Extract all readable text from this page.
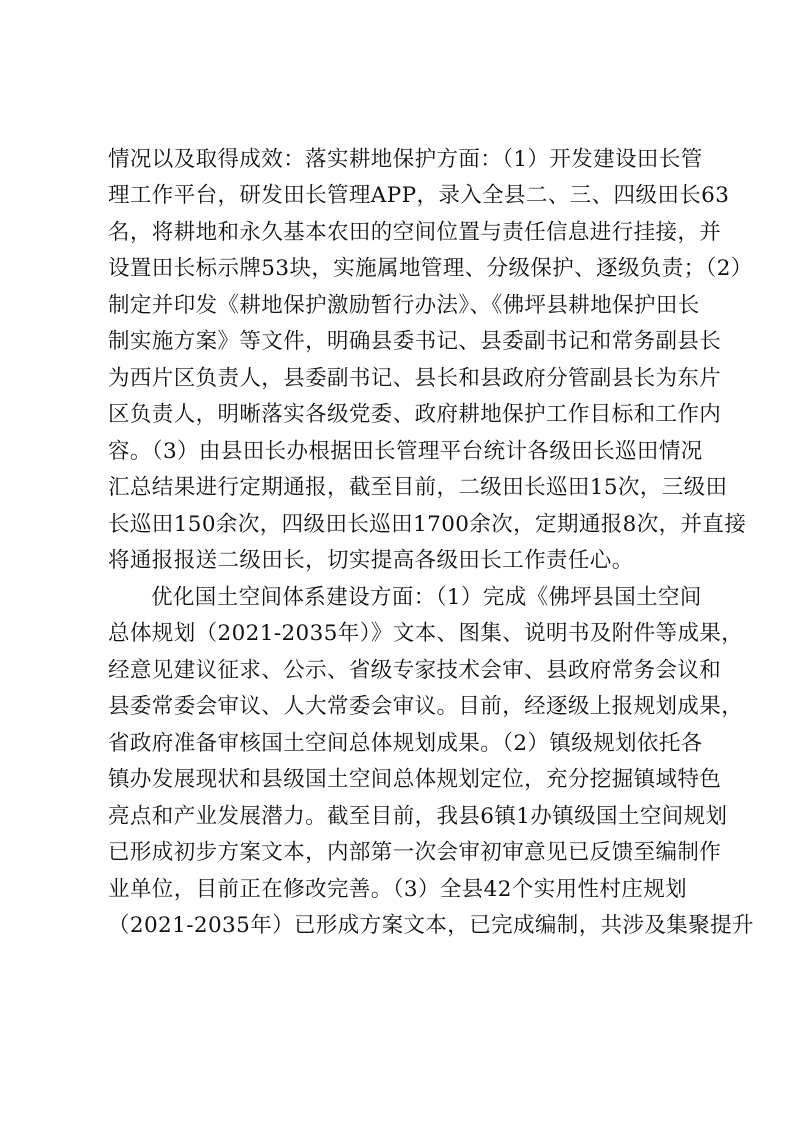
情况以及取得成效：落实耕地保护方面：（1）开发建设田长管
理工作平台，研发田长管理APP，录入全县二、三、四级田长63
名，将耕地和永久基本农田的空间位置与责任信息进行挂接，并
设置田长标示牌53块，实施属地管理、分级保护、逐级负责；（2）
制定并印发《耕地保护激励暂行办法》、《佛坪县耕地保护田长
制实施方案》等文件，明确县委书记、县委副书记和常务副县长
为西片区负责人，县委副书记、县长和县政府分管副县长为东片
区负责人，明晰落实各级党委、政府耕地保护工作目标和工作内
容。（3）由县田长办根据田长管理平台统计各级田长巡田情况
汇总结果进行定期通报，截至目前，二级田长巡田15次，三级田
长巡田150余次，四级田长巡田1700余次，定期通报8次，并直接
将通报报送二级田长，切实提高各级田长工作责任心。
优化国土空间体系建设方面：（1）完成《佛坪县国土空间
总体规划（2021-2035年）》文本、图集、说明书及附件等成果，
经意见建议征求、公示、省级专家技术会审、县政府常务会议和
县委常委会审议、人大常委会审议。目前，经逐级上报规划成果，
省政府准备审核国土空间总体规划成果。（2）镇级规划依托各
镇办发展现状和县级国土空间总体规划定位，充分挖掘镇域特色
亮点和产业发展潜力。截至目前，我县6镇1办镇级国土空间规划
已形成初步方案文本，内部第一次会审初审意见已反馈至编制作
业单位，目前正在修改完善。（3）全县42个实用性村庄规划
（2021-2035年）已形成方案文本，已完成编制，共涉及集聚提升
